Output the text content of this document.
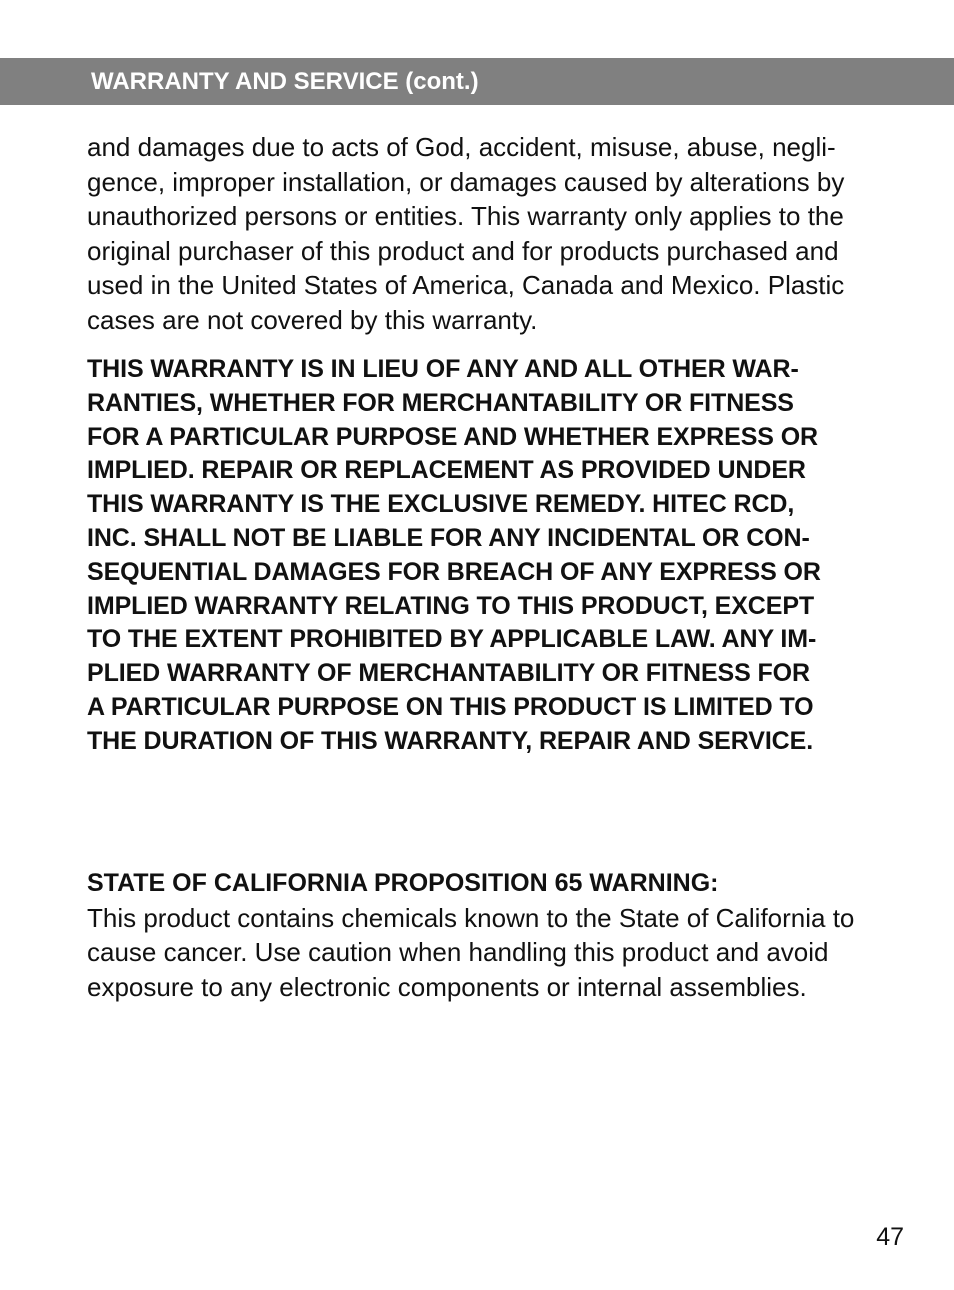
WARRANTY AND SERVICE (cont.)
and damages due to acts of God, accident, misuse, abuse, negli-
gence, improper installation, or damages caused by alterations by
unauthorized persons or entities. This warranty only applies to the
original purchaser of this product and for products purchased and
used in the United States of America, Canada and Mexico. Plastic
cases are not covered by this warranty.
THIS WARRANTY IS IN LIEU OF ANY AND ALL OTHER WAR-
RANTIES, WHETHER FOR MERCHANTABILITY OR FITNESS
FOR A PARTICULAR PURPOSE AND WHETHER EXPRESS OR
IMPLIED. REPAIR OR REPLACEMENT AS PROVIDED UNDER
THIS WARRANTY IS THE EXCLUSIVE REMEDY. HITEC RCD,
INC. SHALL NOT BE LIABLE FOR ANY INCIDENTAL OR CON-
SEQUENTIAL DAMAGES FOR BREACH OF ANY EXPRESS OR
IMPLIED WARRANTY RELATING TO THIS PRODUCT, EXCEPT
TO THE EXTENT PROHIBITED BY APPLICABLE LAW. ANY IM-
PLIED WARRANTY OF MERCHANTABILITY OR FITNESS FOR
A PARTICULAR PURPOSE ON THIS PRODUCT IS LIMITED TO
THE DURATION OF THIS WARRANTY, REPAIR AND SERVICE.
STATE OF CALIFORNIA PROPOSITION 65 WARNING:
This product contains chemicals known to the State of California to
cause cancer. Use caution when handling this product and avoid
exposure to any electronic components or internal assemblies.
47
